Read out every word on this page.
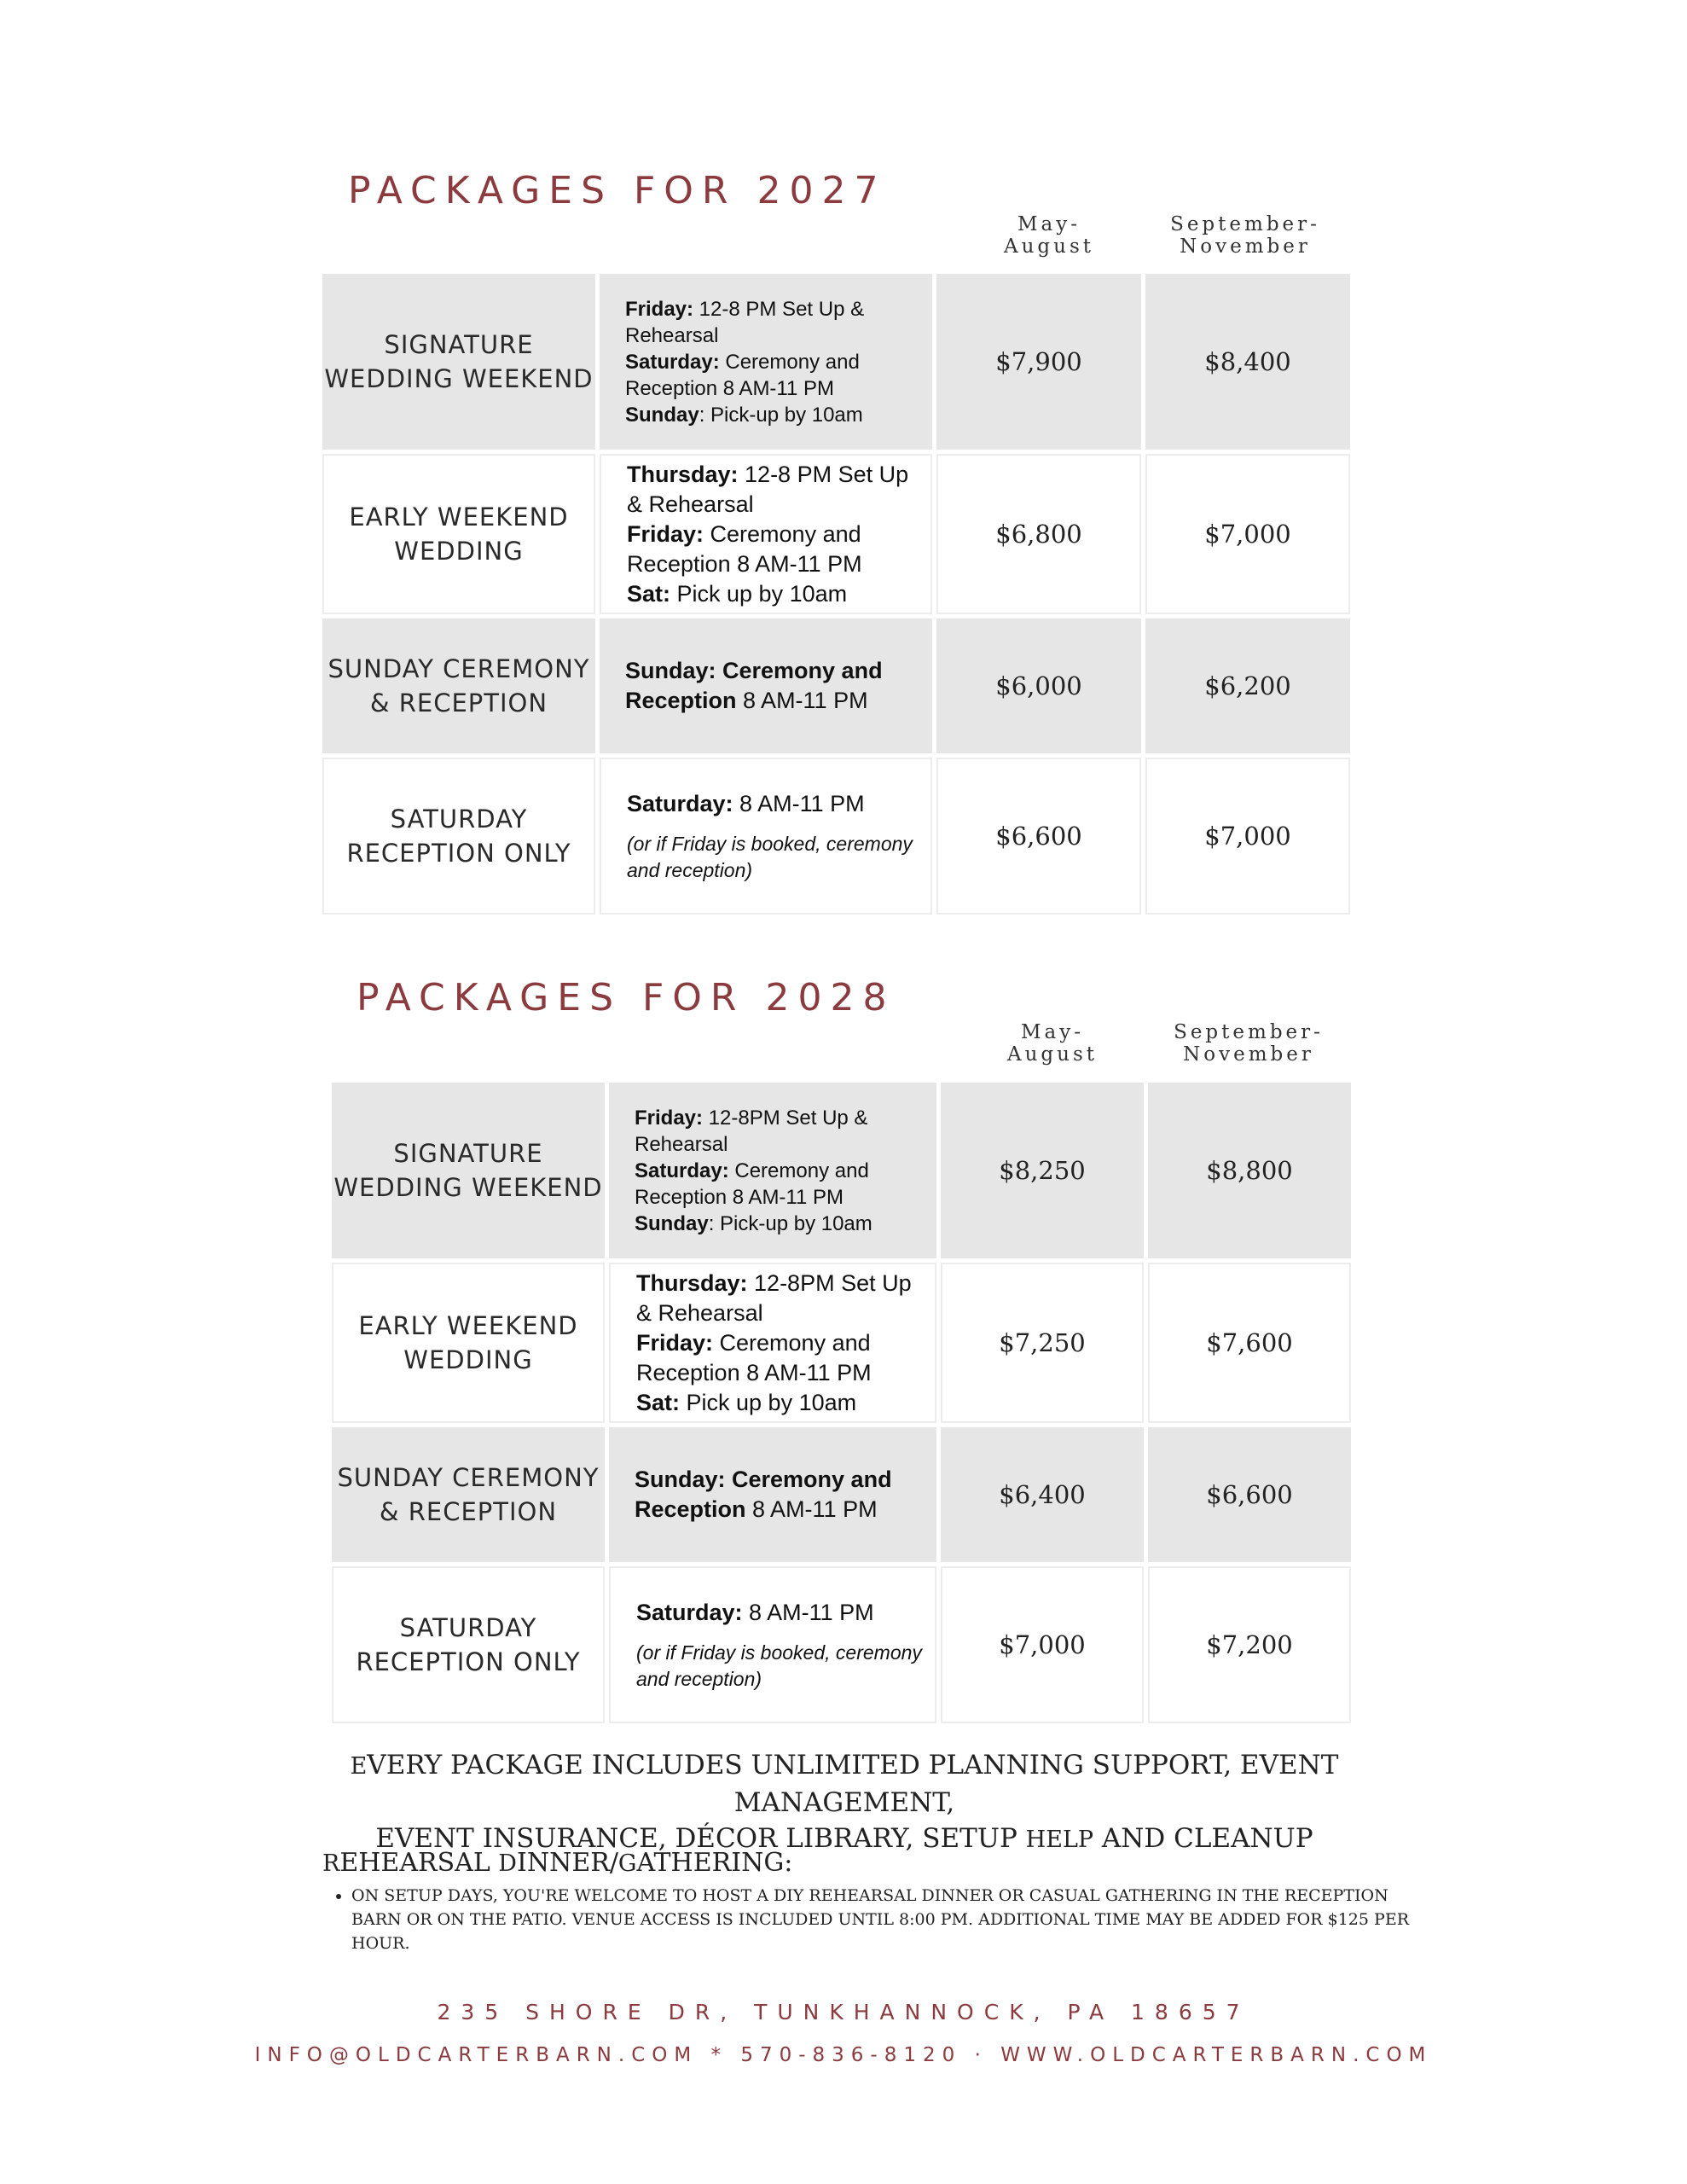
PACKAGES FOR 2027
May-
August
September-
November
SIGNATURE WEDDING WEEKEND	Friday: 12-8 PM Set Up & Rehearsal
Saturday: Ceremony and Reception 8 AM-11 PM
Sunday: Pick-up by 10am	$7,900	$8,400
EARLY WEEKEND WEDDING	Thursday: 12-8 PM Set Up & Rehearsal
Friday: Ceremony and Reception 8 AM-11 PM
Sat: Pick up by 10am	$6,800	$7,000
SUNDAY CEREMONY & RECEPTION	Sunday: Ceremony and Reception 8 AM-11 PM	$6,000	$6,200
SATURDAY RECEPTION ONLY	Saturday: 8 AM-11 PM
(or if Friday is booked, ceremony and reception)	$6,600	$7,000
PACKAGES FOR 2028
May-
August
September-
November
SIGNATURE WEDDING WEEKEND	Friday: 12-8PM Set Up & Rehearsal
Saturday: Ceremony and Reception 8 AM-11 PM
Sunday: Pick-up by 10am	$8,250	$8,800
EARLY WEEKEND WEDDING	Thursday: 12-8PM Set Up & Rehearsal
Friday: Ceremony and Reception 8 AM-11 PM
Sat: Pick up by 10am	$7,250	$7,600
SUNDAY CEREMONY & RECEPTION	Sunday: Ceremony and Reception 8 AM-11 PM	$6,400	$6,600
SATURDAY RECEPTION ONLY	Saturday: 8 AM-11 PM
(or if Friday is booked, ceremony and reception)	$7,000	$7,200
EVERY PACKAGE INCLUDES UNLIMITED PLANNING SUPPORT, EVENT MANAGEMENT,
EVENT INSURANCE, DÉCOR LIBRARY, SETUP HELP AND CLEANUP
REHEARSAL DINNER/GATHERING:
• ON SETUP DAYS, YOU'RE WELCOME TO HOST A DIY REHEARSAL DINNER OR CASUAL GATHERING IN THE RECEPTION BARN OR ON THE PATIO. VENUE ACCESS IS INCLUDED UNTIL 8:00 PM. ADDITIONAL TIME MAY BE ADDED FOR $125 PER HOUR.
235 SHORE DR, TUNKHANNOCK, PA 18657
INFO@OLDCARTERBARN.COM * 570-836-8120 · WWW.OLDCARTERBARN.COM
